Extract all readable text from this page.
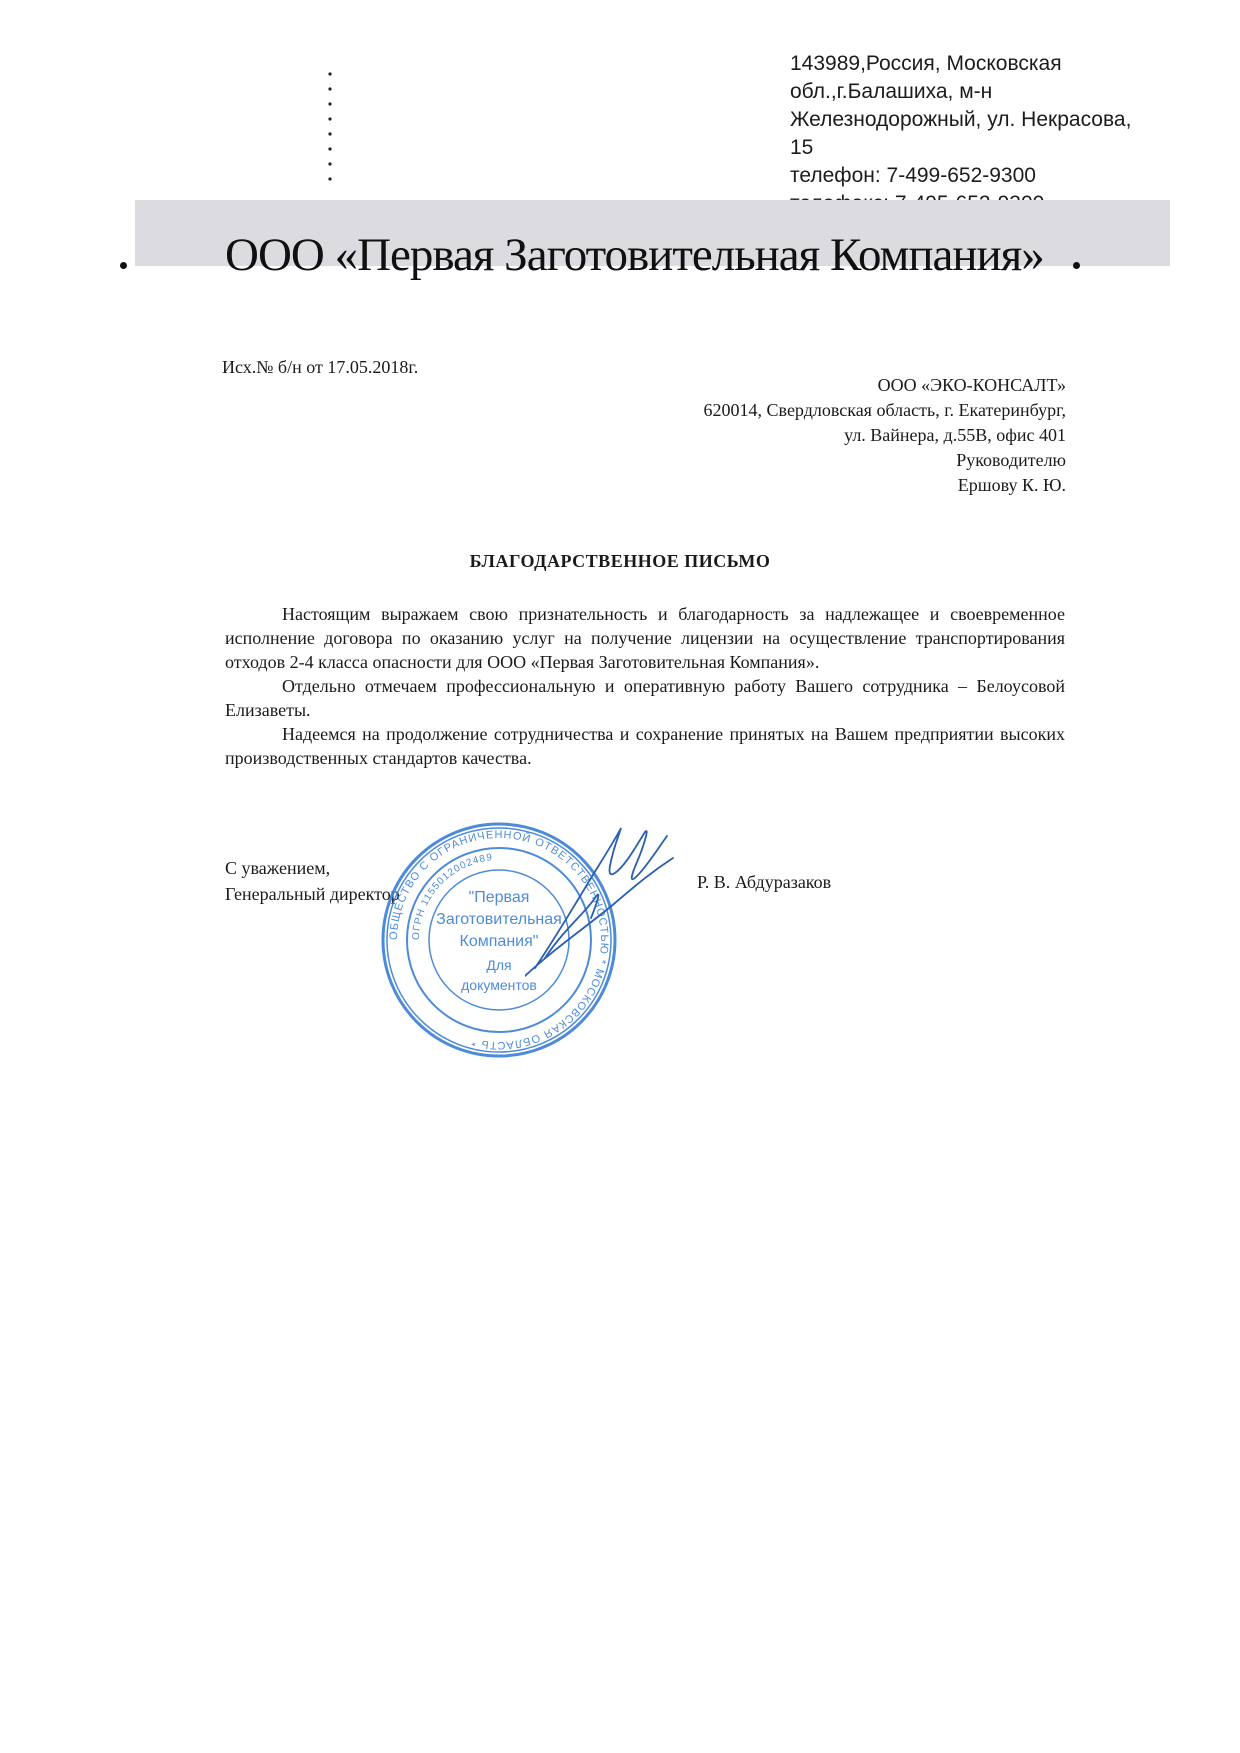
143989,Россия, Московская
обл.,г.Балашиха, м-н
Железнодорожный, ул. Некрасова,
15
телефон: 7-499-652-9300
ООО «Первая Заготовительная Компания»
Исх.№ б/н от 17.05.2018г.
ООО «ЭКО-КОНСАЛТ»
620014, Свердловская область, г. Екатеринбург,
ул. Вайнера, д.55В, офис 401
Руководителю
Ершову К. Ю.
БЛАГОДАРСТВЕННОЕ ПИСЬМО

Настоящим выражаем свою признательность и благодарность за надлежащее и своевременное исполнение договора по оказанию услуг на получение лицензии на осуществление транспортирования отходов 2-4 класса опасности для ООО «Первая Заготовительная Компания».

Отдельно отмечаем профессиональную и оперативную работу Вашего сотрудника – Белоусовой Елизаветы.

Надеемся на продолжение сотрудничества и сохранение принятых на Вашем предприятии высоких производственных стандартов качества.

С уважением,
Генеральный директор
Р. В. Абдуразаков
ОБЩЕСТВО С ОГРАНИЧЕННОЙ ОТВЕТСТВЕННОСТЬЮ * МОСКОВСКАЯ ОБЛАСТЬ *
ОГРН 1155012002489
"Первая
Заготовительная
Компания"
Для
документов
